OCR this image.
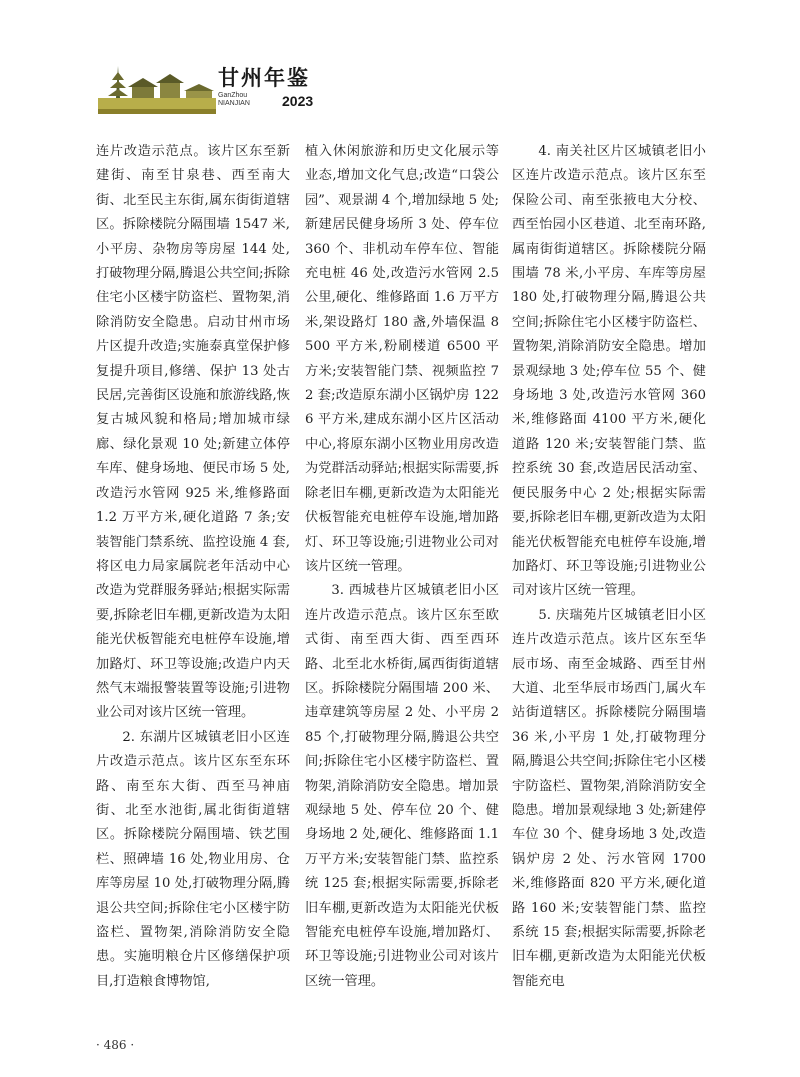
甘州年鉴
GanZhou
NIANJIAN 2023

连片改造示范点。该片区东至新建街、南至甘泉巷、西至南大街、北至民主东街,属东街街道辖区。拆除楼院分隔围墙 1547 米,小平房、杂物房等房屋 144 处,打破物理分隔,腾退公共空间;拆除住宅小区楼宇防盗栏、置物架,消除消防安全隐患。启动甘州市场片区提升改造;实施泰真堂保护修复提升项目,修缮、保护 13 处古民居,完善街区设施和旅游线路,恢复古城风貌和格局;增加城市绿廊、绿化景观 10 处;新建立体停车库、健身场地、便民市场 5 处,改造污水管网 925 米,维修路面 1.2 万平方米,硬化道路 7 条;安装智能门禁系统、监控设施 4 套,将区电力局家属院老年活动中心改造为党群服务驿站;根据实际需要,拆除老旧车棚,更新改造为太阳能光伏板智能充电桩停车设施,增加路灯、环卫等设施;改造户内天然气末端报警装置等设施;引进物业公司对该片区统一管理。

2. 东湖片区城镇老旧小区连片改造示范点。该片区东至东环路、南至东大街、西至马神庙街、北至水池街,属北街街道辖区。拆除楼院分隔围墙、铁艺围栏、照碑墙 16 处,物业用房、仓库等房屋 10 处,打破物理分隔,腾退公共空间;拆除住宅小区楼宇防盗栏、置物架,消除消防安全隐患。实施明粮仓片区修缮保护项目,打造粮食博物馆,

植入休闲旅游和历史文化展示等业态,增加文化气息;改造“口袋公园”、观景湖 4 个,增加绿地 5 处;新建居民健身场所 3 处、停车位 360 个、非机动车停车位、智能充电桩 46 处,改造污水管网 2.5 公里,硬化、维修路面 1.6 万平方米,架设路灯 180 盏,外墙保温 8500 平方米,粉刷楼道 6500 平方米;安装智能门禁、视频监控 72 套;改造原东湖小区锅炉房 1226 平方米,建成东湖小区片区活动中心,将原东湖小区物业用房改造为党群活动驿站;根据实际需要,拆除老旧车棚,更新改造为太阳能光伏板智能充电桩停车设施,增加路灯、环卫等设施;引进物业公司对该片区统一管理。

3. 西城巷片区城镇老旧小区连片改造示范点。该片区东至欧式街、南至西大街、西至西环路、北至北水桥街,属西街街道辖区。拆除楼院分隔围墙 200 米、违章建筑等房屋 2 处、小平房 285 个,打破物理分隔,腾退公共空间;拆除住宅小区楼宇防盗栏、置物架,消除消防安全隐患。增加景观绿地 5 处、停车位 20 个、健身场地 2 处,硬化、维修路面 1.1 万平方米;安装智能门禁、监控系统 125 套;根据实际需要,拆除老旧车棚,更新改造为太阳能光伏板智能充电桩停车设施,增加路灯、环卫等设施;引进物业公司对该片区统一管理。

4. 南关社区片区城镇老旧小区连片改造示范点。该片区东至保险公司、南至张掖电大分校、西至怡园小区巷道、北至南环路,属南街街道辖区。拆除楼院分隔围墙 78 米,小平房、车库等房屋 180 处,打破物理分隔,腾退公共空间;拆除住宅小区楼宇防盗栏、置物架,消除消防安全隐患。增加景观绿地 3 处;停车位 55 个、健身场地 3 处,改造污水管网 360 米,维修路面 4100 平方米,硬化道路 120 米;安装智能门禁、监控系统 30 套,改造居民活动室、便民服务中心 2 处;根据实际需要,拆除老旧车棚,更新改造为太阳能光伏板智能充电桩停车设施,增加路灯、环卫等设施;引进物业公司对该片区统一管理。

5. 庆瑞苑片区城镇老旧小区连片改造示范点。该片区东至华辰市场、南至金城路、西至甘州大道、北至华辰市场西门,属火车站街道辖区。拆除楼院分隔围墙 36 米,小平房 1 处,打破物理分隔,腾退公共空间;拆除住宅小区楼宇防盗栏、置物架,消除消防安全隐患。增加景观绿地 3 处;新建停车位 30 个、健身场地 3 处,改造锅炉房 2 处、污水管网 1700 米,维修路面 820 平方米,硬化道路 160 米;安装智能门禁、监控系统 15 套;根据实际需要,拆除老旧车棚,更新改造为太阳能光伏板智能充电

· 486 ·
